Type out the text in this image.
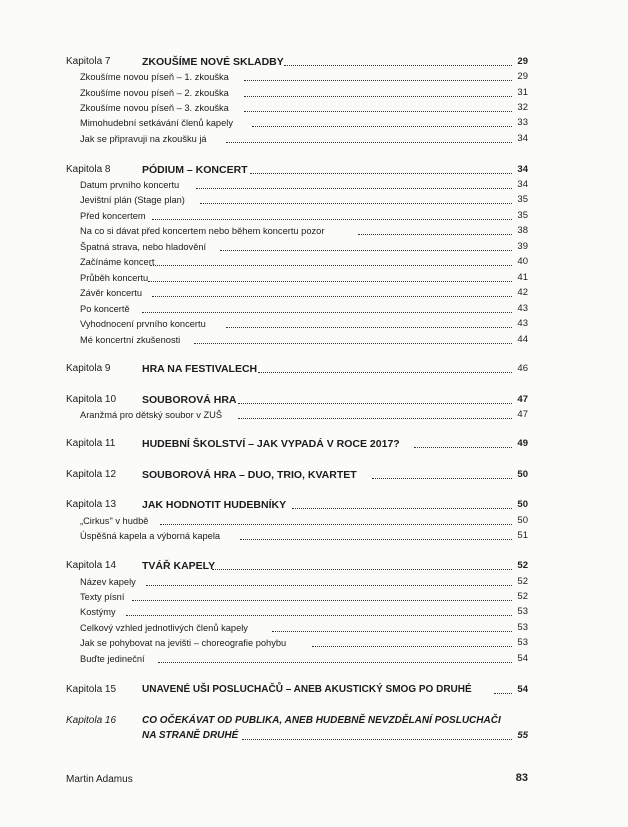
Kapitola 7	ZKOUŠÍME NOVÉ SKLADBY	29
Zkoušíme novou píseň – 1. zkouška	29
Zkoušíme novou píseň – 2. zkouška	31
Zkoušíme novou píseň – 3. zkouška	32
Mimohudební setkávání členů kapely	33
Jak se připravuji na zkoušku já	34
Kapitola 8	PÓDIUM – KONCERT	34
Datum prvního koncertu	34
Jevištní plán (Stage plan)	35
Před koncertem	35
Na co si dávat před koncertem nebo během koncertu pozor	38
Špatná strava, nebo hladovění	39
Začínáme koncert	40
Průběh koncertu	41
Závěr koncertu	42
Po koncertě	43
Vyhodnocení prvního koncertu	43
Mé koncertní zkušenosti	44
Kapitola 9	HRA NA FESTIVALECH	46
Kapitola 10 SOUBOROVÁ HRA	47
Aranžmá pro dětský soubor v ZUŠ	47
Kapitola 11	HUDEBNÍ ŠKOLSTVÍ – JAK VYPADÁ V ROCE 2017?	49
Kapitola 12 SOUBOROVÁ HRA – DUO, TRIO, KVARTET	50
Kapitola 13 JAK HODNOTIT HUDEBNÍKY	50
„Cirkus" v hudbě	50
Úspěšná kapela a výborná kapela	51
Kapitola 14 TVÁŘ KAPELY	52
Název kapely	52
Texty písní	52
Kostýmy	53
Celkový vzhled jednotlivých členů kapely	53
Jak se pohybovat na jevišti – choreografie pohybu	53
Buďte jedineční	54
Kapitola 15	UNAVENÉ UŠI POSLUCHAČŮ – ANEB AKUSTICKÝ SMOG PO DRUHÉ	54
Kapitola 16	CO OČEKÁVAT OD PUBLIKA, ANEB HUDEBNĚ NEVZDĚLANÍ POSLUCHAČI
NA STRANĚ DRUHÉ	55
Martin Adamus	83
